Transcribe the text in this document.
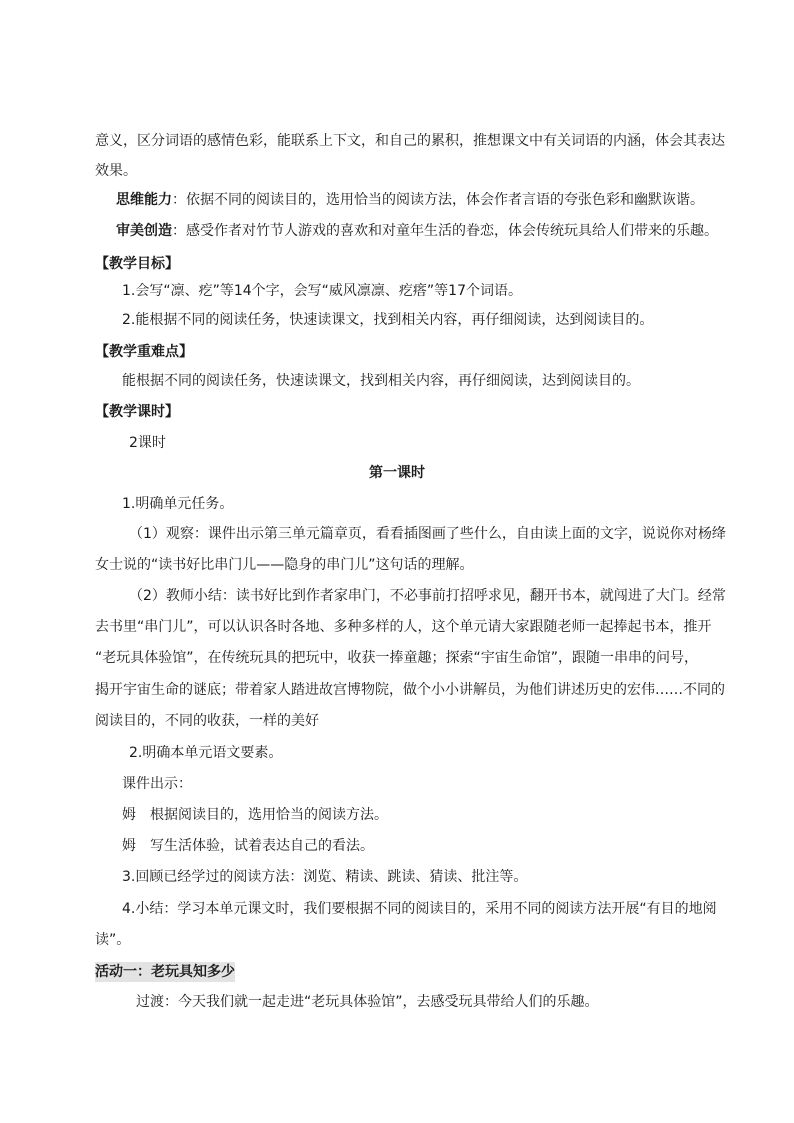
意义，区分词语的感情色彩，能联系上下文，和自己的累积，推想课文中有关词语的内涵，体会其表达
效果。
思维能力：依据不同的阅读目的，选用恰当的阅读方法，体会作者言语的夸张色彩和幽默诙谐。
审美创造：感受作者对竹节人游戏的喜欢和对童年生活的眷恋，体会传统玩具给人们带来的乐趣。
【教学目标】
1.会写“凛、疙”等14个字，会写“威风凛凛、疙瘩”等17个词语。
2.能根据不同的阅读任务，快速读课文，找到相关内容，再仔细阅读，达到阅读目的。
【教学重难点】
能根据不同的阅读任务，快速读课文，找到相关内容，再仔细阅读，达到阅读目的。
【教学课时】
2课时
第一课时
1.明确单元任务。
（1）观察：课件出示第三单元篇章页，看看插图画了些什么，自由读上面的文字，说说你对杨绛
女士说的“读书好比串门儿——隐身的串门儿”这句话的理解。
（2）教师小结：读书好比到作者家串门，不必事前打招呼求见，翻开书本，就闯进了大门。经常
去书里“串门儿”，可以认识各时各地、多种多样的人，这个单元请大家跟随老师一起捧起书本，推开
“老玩具体验馆”，在传统玩具的把玩中，收获一捧童趣；探索“宇宙生命馆”，跟随一串串的问号，
揭开宇宙生命的谜底；带着家人踏进故宫博物院，做个小小讲解员，为他们讲述历史的宏伟……不同的
阅读目的，不同的收获，一样的美好
2.明确本单元语文要素。
课件出示：
姆 根据阅读目的，选用恰当的阅读方法。
姆 写生活体验，试着表达自己的看法。
3.回顾已经学过的阅读方法：浏览、精读、跳读、猜读、批注等。
4.小结：学习本单元课文时，我们要根据不同的阅读目的，采用不同的阅读方法开展“有目的地阅
读”。
活动一：老玩具知多少
过渡：今天我们就一起走进“老玩具体验馆”，去感受玩具带给人们的乐趣。
